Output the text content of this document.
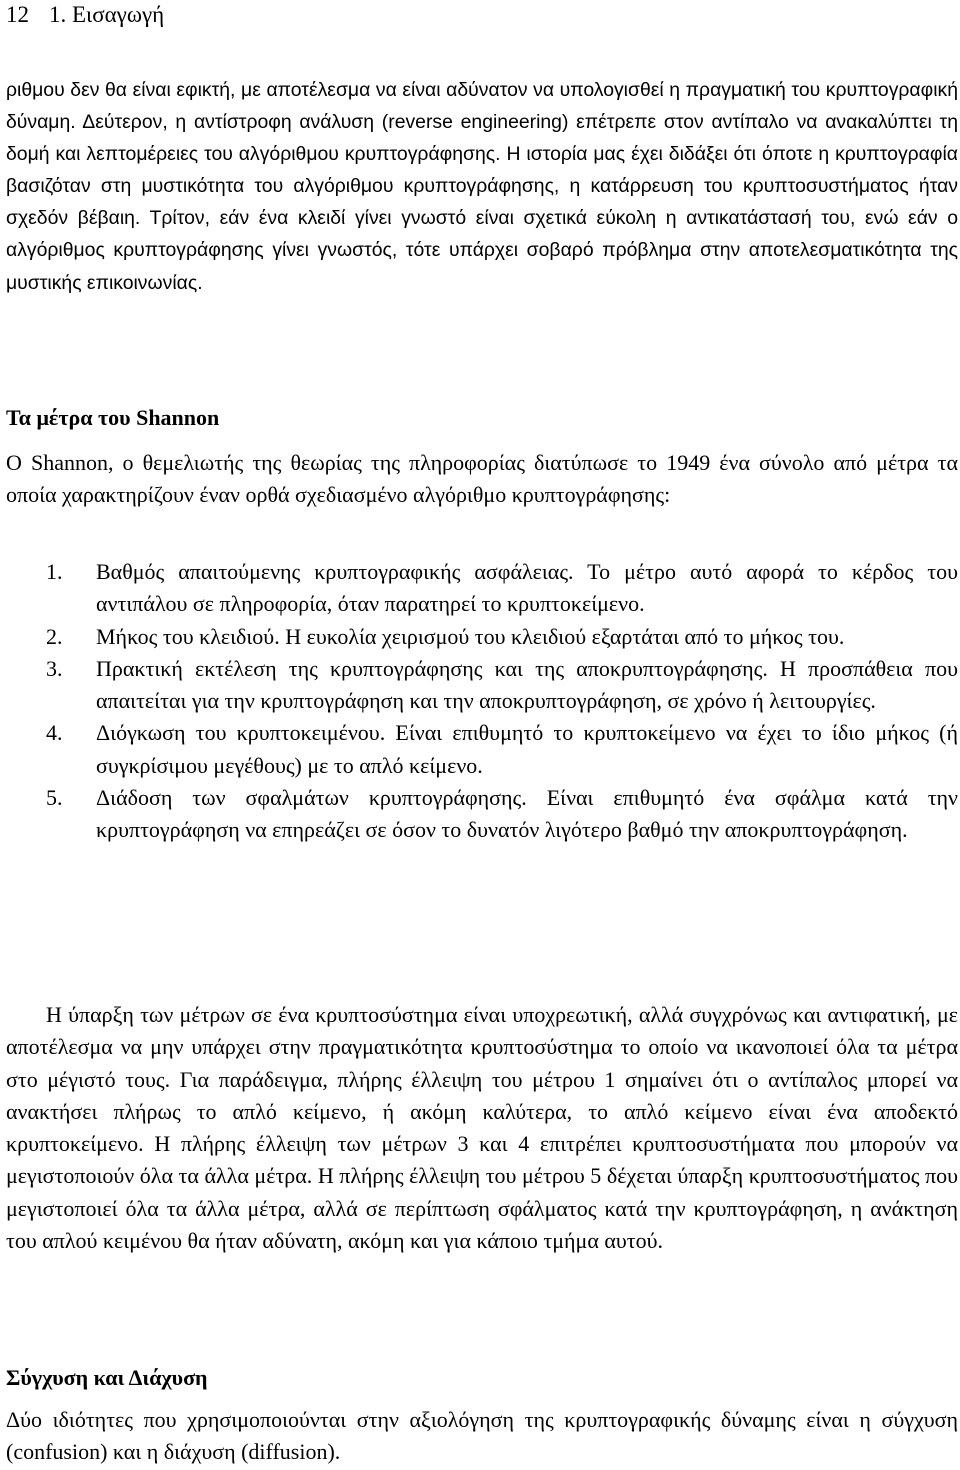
12 1. Εισαγωγή

ριθμου δεν θα είναι εφικτή, με αποτέλεσμα να είναι αδύνατον να υπολογισθεί η πραγματική του κρυπτογραφική δύναμη. Δεύτερον, η αντίστροφη ανάλυση (reverse engineering) επέτρεπε στον αντίπαλο να ανακαλύπτει τη δομή και λεπτομέρειες του αλγόριθμου κρυπτογράφησης. Η ιστορία μας έχει διδάξει ότι όποτε η κρυπτογραφία βασιζόταν στη μυστικότητα του αλγόριθμου κρυπτογράφησης, η κατάρρευση του κρυπτοσυστήματος ήταν σχεδόν βέβαιη. Τρίτον, εάν ένα κλειδί γίνει γνωστό είναι σχετικά εύκολη η αντικατάστασή του, ενώ εάν ο αλγόριθμος κρυπτογράφησης γίνει γνωστός, τότε υπάρχει σοβαρό πρόβλημα στην αποτελεσματικότητα της μυστικής επικοινωνίας.

Τα μέτρα του Shannon

Ο Shannon, ο θεμελιωτής της θεωρίας της πληροφορίας διατύπωσε το 1949 ένα σύνολο από μέτρα τα οποία χαρακτηρίζουν έναν ορθά σχεδιασμένο αλγόριθμο κρυπτογράφησης:

1.	Βαθμός απαιτούμενης κρυπτογραφικής ασφάλειας. Το μέτρο αυτό αφορά το κέρδος του αντιπάλου σε πληροφορία, όταν παρατηρεί το κρυπτοκείμενο.
2.	Μήκος του κλειδιού. Η ευκολία χειρισμού του κλειδιού εξαρτάται από το μήκος του.
3.	Πρακτική εκτέλεση της κρυπτογράφησης και της αποκρυπτογράφησης. Η προσπάθεια που απαιτείται για την κρυπτογράφηση και την αποκρυπτογράφηση, σε χρόνο ή λειτουργίες.
4.	Διόγκωση του κρυπτοκειμένου. Είναι επιθυμητό το κρυπτοκείμενο να έχει το ίδιο μήκος (ή συγκρίσιμου μεγέθους) με το απλό κείμενο.
5.	Διάδοση των σφαλμάτων κρυπτογράφησης. Είναι επιθυμητό ένα σφάλμα κατά την κρυπτογράφηση να επηρεάζει σε όσον το δυνατόν λιγότερο βαθμό την αποκρυπτογράφηση.

Η ύπαρξη των μέτρων σε ένα κρυπτοσύστημα είναι υποχρεωτική, αλλά συγχρόνως και αντιφατική, με αποτέλεσμα να μην υπάρχει στην πραγματικότητα κρυπτοσύστημα το οποίο να ικανοποιεί όλα τα μέτρα στο μέγιστό τους. Για παράδειγμα, πλήρης έλλειψη του μέτρου 1 σημαίνει ότι ο αντίπαλος μπορεί να ανακτήσει πλήρως το απλό κείμενο, ή ακόμη καλύτερα, το απλό κείμενο είναι ένα αποδεκτό κρυπτοκείμενο. Η πλήρης έλλειψη των μέτρων 3 και 4 επιτρέπει κρυπτοσυστήματα που μπορούν να μεγιστοποιούν όλα τα άλλα μέτρα. Η πλήρης έλλειψη του μέτρου 5 δέχεται ύπαρξη κρυπτοσυστήματος που μεγιστοποιεί όλα τα άλλα μέτρα, αλλά σε περίπτωση σφάλματος κατά την κρυπτογράφηση, η ανάκτηση του απλού κειμένου θα ήταν αδύνατη, ακόμη και για κάποιο τμήμα αυτού.

Σύγχυση και Διάχυση

Δύο ιδιότητες που χρησιμοποιούνται στην αξιολόγηση της κρυπτογραφικής δύναμης είναι η σύγχυση (confusion) και η διάχυση (diffusion).
